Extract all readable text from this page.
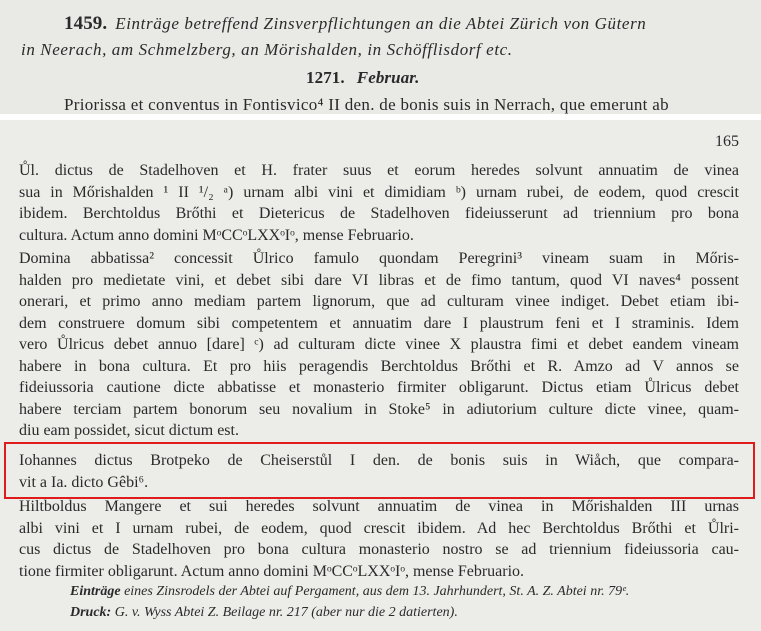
1459. Einträge betreffend Zinsverpflichtungen an die Abtei Zürich von Gütern
in Neerach, am Schmelzberg, an Mörishalden, in Schöfflisdorf etc.
1271. Februar.
Priorissa et conventus in Fontisvico⁴ II den. de bonis suis in Nerrach, que emerunt ab
165
Ůl. dictus de Stadelhoven et H. frater suus et eorum heredes solvunt annuatim de vinea
sua in Mőrishalden ¹ II ¹/₂ ᵃ) urnam albi vini et dimidiam ᵇ) urnam rubei, de eodem, quod crescit
ibidem. Berchtoldus Brőthi et Dietericus de Stadelhoven fideiusserunt ad triennium pro bona
cultura. Actum anno domini MᵒCCᵒLXXᵒIᵒ, mense Februario.
Domina abbatissa² concessit Ůlrico famulo quondam Peregrini³ vineam suam in Mőris-
halden pro medietate vini, et debet sibi dare VI libras et de fimo tantum, quod VI naves⁴ possent
onerari, et primo anno mediam partem lignorum, que ad culturam vinee indiget. Debet etiam ibi-
dem construere domum sibi competentem et annuatim dare I plaustrum feni et I straminis. Idem
vero Ůlricus debet annuo [dare] ᶜ) ad culturam dicte vinee X plaustra fimi et debet eandem vineam
habere in bona cultura. Et pro hiis peragendis Berchtoldus Brőthi et R. Amzo ad V annos se
fideiussoria cautione dicte abbatisse et monasterio firmiter obligarunt. Dictus etiam Ůlricus debet
habere terciam partem bonorum seu novalium in Stoke⁵ in adiutorium culture dicte vinee, quam-
diu eam possidet, sicut dictum est.
Iohannes dictus Brotpeko de Cheiserstůl I den. de bonis suis in Wiåch, que compara-
vit a Ia. dicto Gêbi⁶.
Hiltboldus Mangere et sui heredes solvunt annuatim de vinea in Mőrishalden III urnas
albi vini et I urnam rubei, de eodem, quod crescit ibidem. Ad hec Berchtoldus Brőthi et Ůlri-
cus dictus de Stadelhoven pro bona cultura monasterio nostro se ad triennium fideiussoria cau-
tione firmiter obligarunt. Actum anno domini MᵒCCᵒLXXᵒIᵒ, mense Februario.
Einträge eines Zinsrodels der Abtei auf Pergament, aus dem 13. Jahrhundert, St. A. Z. Abtei nr. 79ᵉ.
Druck: G. v. Wyss Abtei Z. Beilage nr. 217 (aber nur die 2 datierten).
